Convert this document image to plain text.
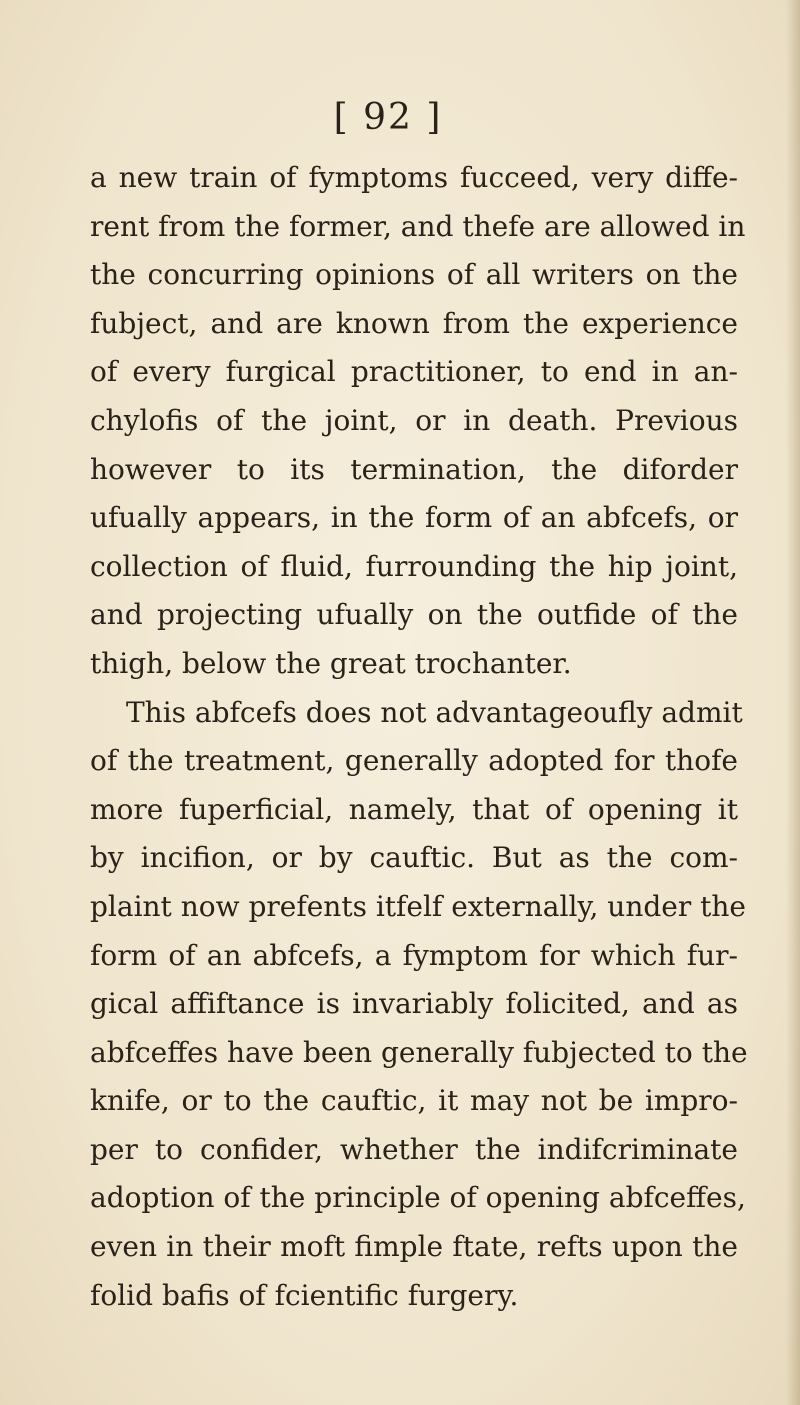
[ 92 ]
a new train of fymptoms fucceed, very diffe-
rent from the former, and thefe are allowed in
the concurring opinions of all writers on the
fubject, and are known from the experience
of every furgical practitioner, to end in an-
chylofis of the joint, or in death. Previous
however to its termination, the diforder
ufually appears, in the form of an abfcefs, or
collection of fluid, furrounding the hip joint,
and projecting ufually on the outfide of the
thigh, below the great trochanter.
This abfcefs does not advantageoufly admit
of the treatment, generally adopted for thofe
more fuperficial, namely, that of opening it
by incifion, or by cauftic. But as the com-
plaint now prefents itfelf externally, under the
form of an abfcefs, a fymptom for which fur-
gical affiftance is invariably folicited, and as
abfceffes have been generally fubjected to the
knife, or to the cauftic, it may not be impro-
per to confider, whether the indifcriminate
adoption of the principle of opening abfceffes,
even in their moft fimple ftate, refts upon the
folid bafis of fcientific furgery.
